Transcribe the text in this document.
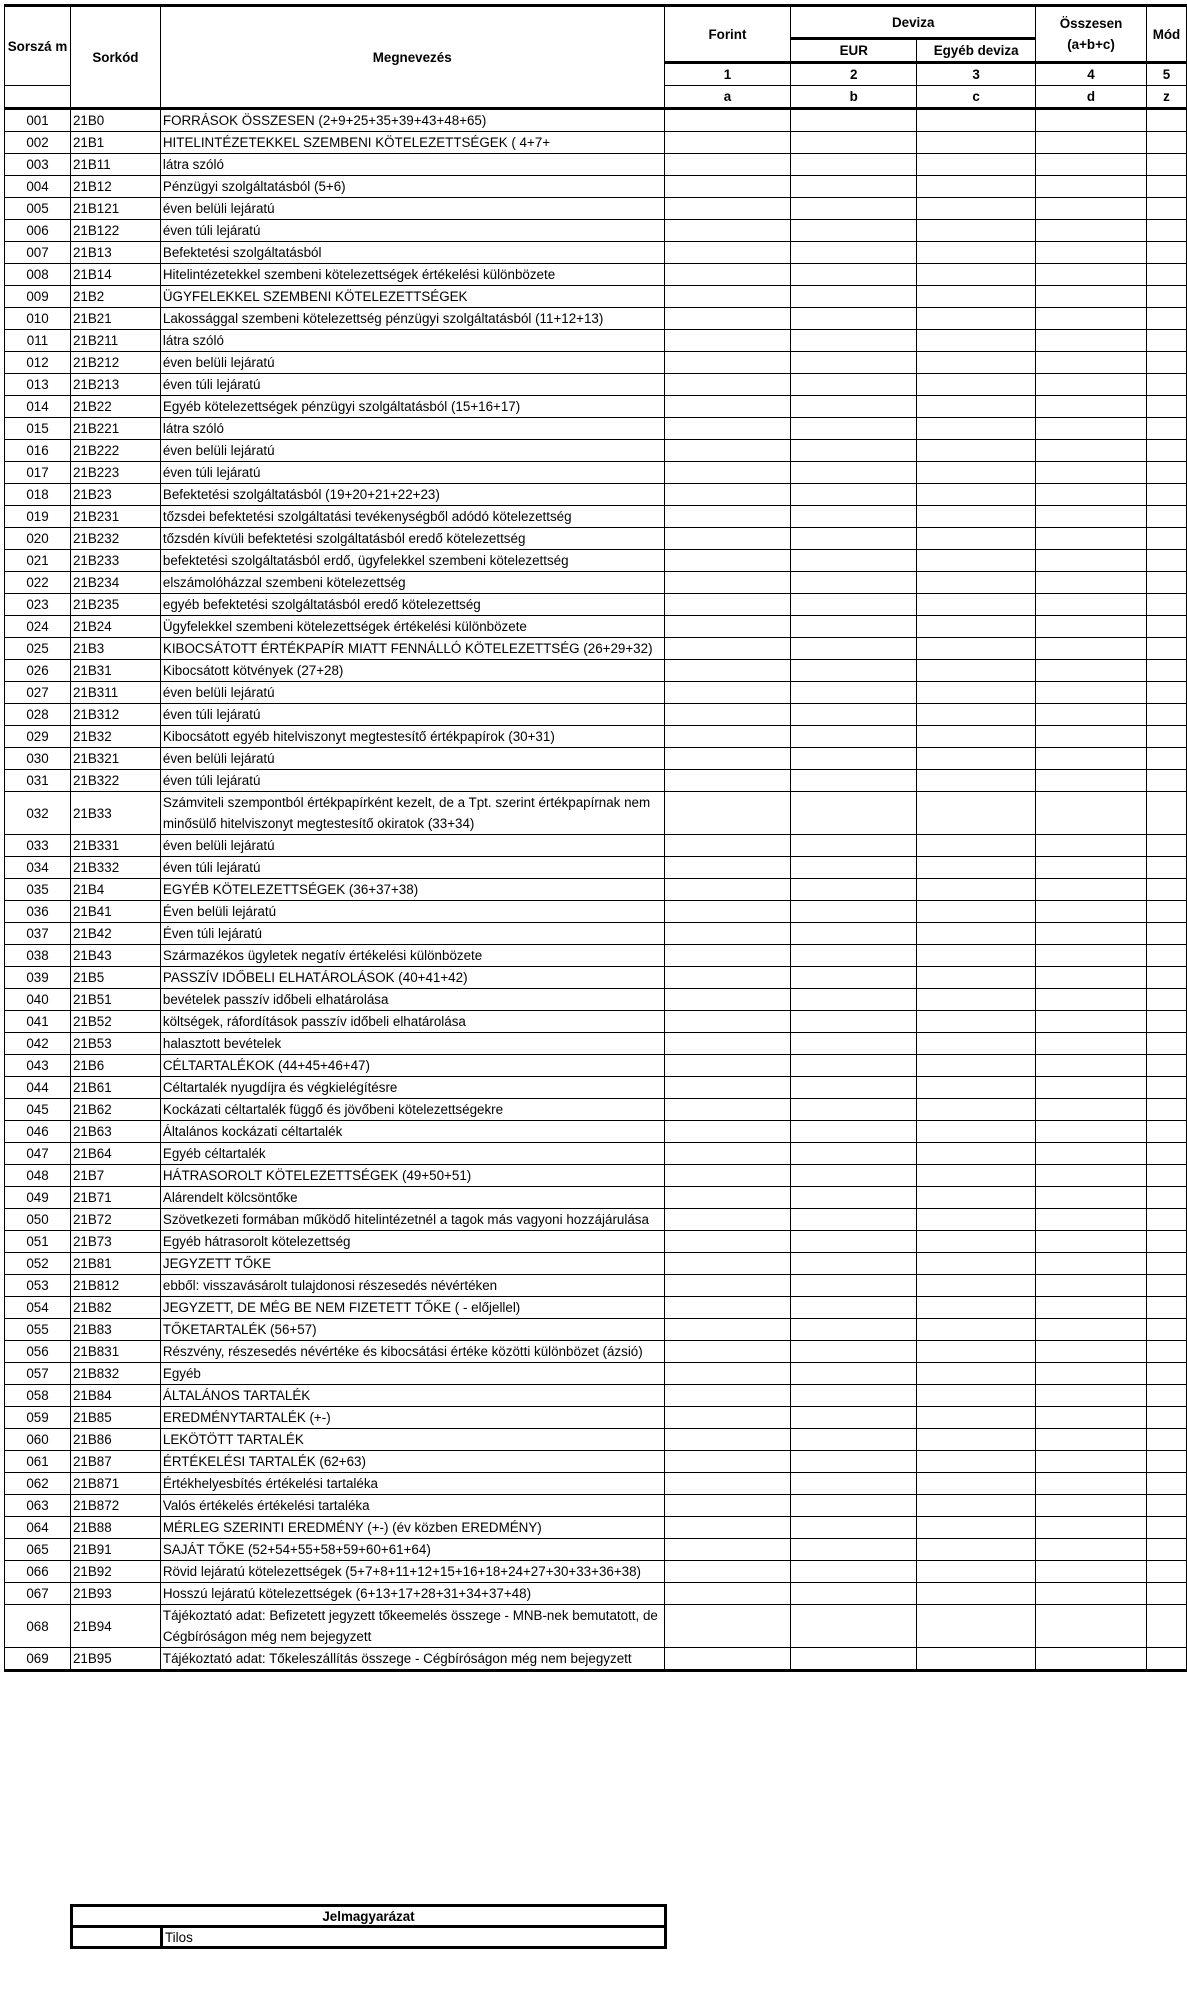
Sorszá m	Sorkód	Megnevezés	Forint	Deviza		Összesen (a+b+c)	Mód
				EUR	Egyéb deviza		
			1	2	3	4	5
			a	b	c	d	z
001	21B0	FORRÁSOK ÖSSZESEN (2+9+25+35+39+43+48+65)					
002	21B1	HITELINTÉZETEKKEL SZEMBENI KÖTELEZETTSÉGEK ( 4+7+					
003	21B11	látra szóló					
004	21B12	Pénzügyi szolgáltatásból (5+6)					
005	21B121	éven belüli lejáratú					
006	21B122	éven túli lejáratú					
007	21B13	Befektetési szolgáltatásból					
008	21B14	Hitelintézetekkel szembeni kötelezettségek értékelési különbözete					
009	21B2	ÜGYFELEKKEL SZEMBENI KÖTELEZETTSÉGEK					
010	21B21	Lakossággal szembeni kötelezettség pénzügyi szolgáltatásból (11+12+13)					
011	21B211	látra szóló					
012	21B212	éven belüli lejáratú					
013	21B213	éven túli lejáratú					
014	21B22	Egyéb kötelezettségek pénzügyi szolgáltatásból (15+16+17)					
015	21B221	látra szóló					
016	21B222	éven belüli lejáratú					
017	21B223	éven túli lejáratú					
018	21B23	Befektetési szolgáltatásból (19+20+21+22+23)					
019	21B231	tőzsdei befektetési szolgáltatási tevékenységből adódó kötelezettség					
020	21B232	tőzsdén kívüli befektetési szolgáltatásból eredő kötelezettség					
021	21B233	befektetési szolgáltatásból erdő, ügyfelekkel szembeni kötelezettség					
022	21B234	elszámolóházzal szembeni kötelezettség					
023	21B235	egyéb befektetési szolgáltatásból eredő kötelezettség					
024	21B24	Ügyfelekkel szembeni kötelezettségek értékelési különbözete					
025	21B3	KIBOCSÁTOTT ÉRTÉKPAPÍR MIATT FENNÁLLÓ KÖTELEZETTSÉG (26+29+32)					
026	21B31	Kibocsátott kötvények (27+28)					
027	21B311	éven belüli lejáratú					
028	21B312	éven túli lejáratú					
029	21B32	Kibocsátott egyéb hitelviszonyt megtestesítő értékpapírok (30+31)					
030	21B321	éven belüli lejáratú					
031	21B322	éven túli lejáratú					
032	21B33	Számviteli szempontból értékpapírként kezelt, de a Tpt. szerint értékpapírnak nem minősülő hitelviszonyt megtestesítő okiratok (33+34)					
033	21B331	éven belüli lejáratú					
034	21B332	éven túli lejáratú					
035	21B4	EGYÉB KÖTELEZETTSÉGEK (36+37+38)					
036	21B41	Éven belüli lejáratú					
037	21B42	Éven túli lejáratú					
038	21B43	Származékos ügyletek negatív értékelési különbözete					
039	21B5	PASSZÍV IDŐBELI ELHATÁROLÁSOK (40+41+42)					
040	21B51	bevételek passzív időbeli elhatárolása					
041	21B52	költségek, ráfordítások passzív időbeli elhatárolása					
042	21B53	halasztott bevételek					
043	21B6	CÉLTARTALÉKOK (44+45+46+47)					
044	21B61	Céltartalék nyugdíjra és végkielégítésre					
045	21B62	Kockázati céltartalék függő és jövőbeni kötelezettségekre					
046	21B63	Általános kockázati céltartalék					
047	21B64	Egyéb céltartalék					
048	21B7	HÁTRASOROLT KÖTELEZETTSÉGEK (49+50+51)					
049	21B71	Alárendelt kölcsöntőke					
050	21B72	Szövetkezeti formában működő hitelintézetnél a tagok más vagyoni hozzájárulása					
051	21B73	Egyéb hátrasorolt kötelezettség					
052	21B81	JEGYZETT TŐKE					
053	21B812	ebből: visszavásárolt tulajdonosi részesedés névértéken					
054	21B82	JEGYZETT, DE MÉG BE NEM FIZETETT TŐKE ( - előjellel)					
055	21B83	TŐKETARTALÉK (56+57)					
056	21B831	Részvény, részesedés névértéke és kibocsátási értéke közötti különbözet (ázsió)					
057	21B832	Egyéb					
058	21B84	ÁLTALÁNOS TARTALÉK					
059	21B85	EREDMÉNYTARTALÉK (+-)					
060	21B86	LEKÖTÖTT TARTALÉK					
061	21B87	ÉRTÉKELÉSI TARTALÉK (62+63)					
062	21B871	Értékhelyesbítés értékelési tartaléka					
063	21B872	Valós értékelés értékelési tartaléka					
064	21B88	MÉRLEG SZERINTI EREDMÉNY (+-) (év közben EREDMÉNY)					
065	21B91	SAJÁT TŐKE (52+54+55+58+59+60+61+64)					
066	21B92	Rövid lejáratú kötelezettségek (5+7+8+11+12+15+16+18+24+27+30+33+36+38)					
067	21B93	Hosszú lejáratú kötelezettségek (6+13+17+28+31+34+37+48)					
068	21B94	Tájékoztató adat: Befizetett jegyzett tőkeemelés összege - MNB-nek bemutatott, de Cégbíróságon még nem bejegyzett					
069	21B95	Tájékoztató adat: Tőkeleszállítás összege - Cégbíróságon még nem bejegyzett					
Jelmagyarázat
	Tilos
